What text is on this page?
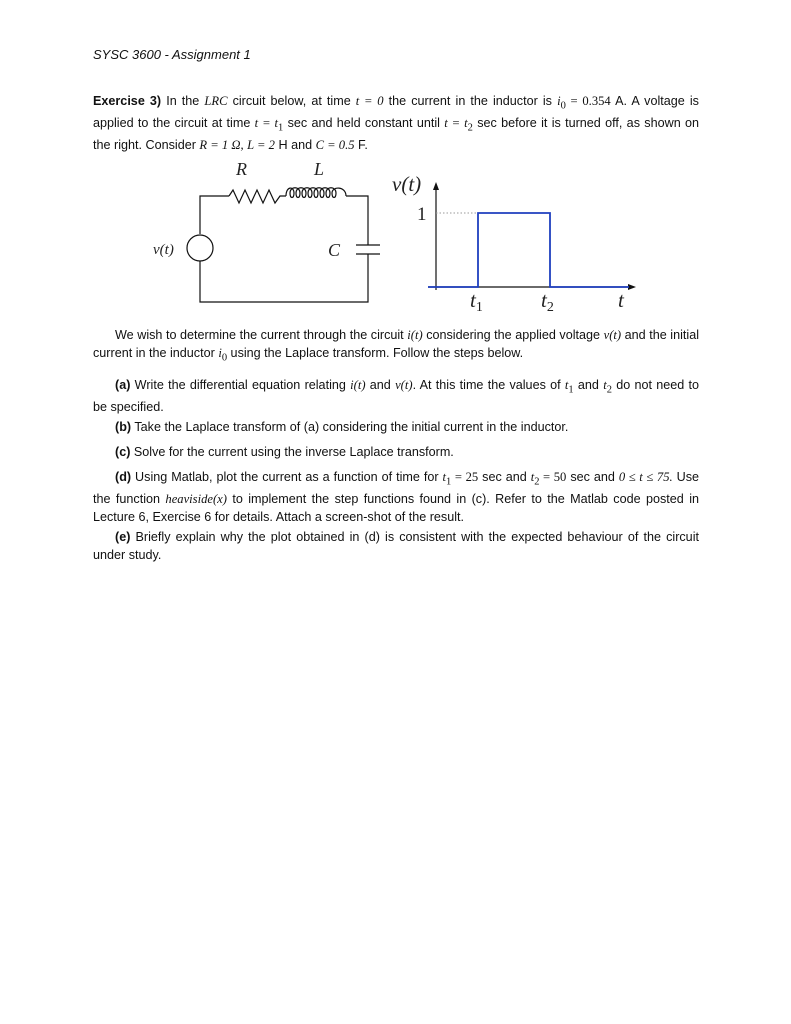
SYSC 3600 - Assignment 1

Exercise 3) In the LRC circuit below, at time t = 0 the current in the inductor is $i_0 = 0.354$ A. A voltage is applied to the circuit at time $t = t_1$ sec and held constant until $t = t_2$ sec before it is turned off, as shown on the right. Consider R = 1 Ω, L = 2 H and C = 0.5 F.

R	L
C
v(t)
v(t)
1
t1	t2	t

We wish to determine the current through the circuit i(t) considering the applied voltage v(t) and the initial current in the inductor $i_0$ using the Laplace transform. Follow the steps below.

(a) Write the differential equation relating i(t) and v(t). At this time the values of $t_1$ and $t_2$ do not need to be specified.

(b) Take the Laplace transform of (a) considering the initial current in the inductor.

(c) Solve for the current using the inverse Laplace transform.

(d) Using Matlab, plot the current as a function of time for $t_1 = 25$ sec and $t_2 = 50$ sec and 0 ≤ t ≤ 75. Use the function heaviside(x) to implement the step functions found in (c). Refer to the Matlab code posted in Lecture 6, Exercise 6 for details. Attach a screen-shot of the result.

(e) Briefly explain why the plot obtained in (d) is consistent with the expected behaviour of the circuit under study.
